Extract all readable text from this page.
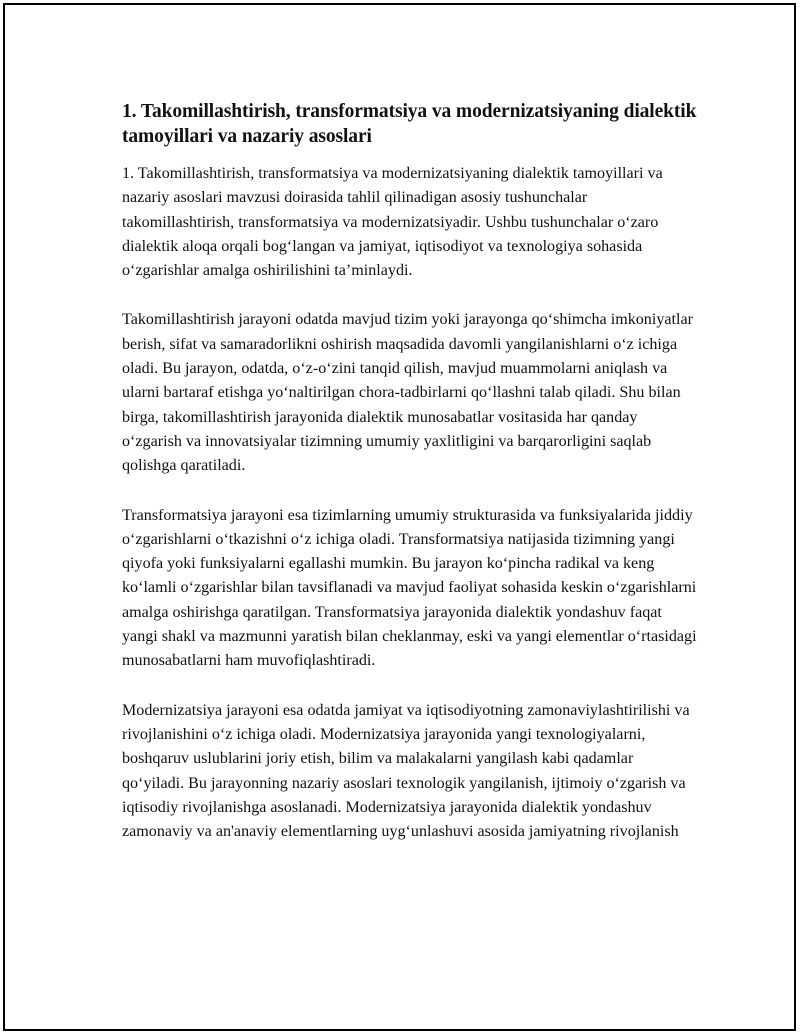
1. Takomillashtirish, transformatsiya va modernizatsiyaning dialektik tamoyillari va nazariy asoslari

1. Takomillashtirish, transformatsiya va modernizatsiyaning dialektik tamoyillari va nazariy asoslari mavzusi doirasida tahlil qilinadigan asosiy tushunchalar takomillashtirish, transformatsiya va modernizatsiyadir. Ushbu tushunchalar o‘zaro dialektik aloqa orqali bog‘langan va jamiyat, iqtisodiyot va texnologiya sohasida o‘zgarishlar amalga oshirilishini ta’minlaydi.

Takomillashtirish jarayoni odatda mavjud tizim yoki jarayonga qo‘shimcha imkoniyatlar berish, sifat va samaradorlikni oshirish maqsadida davomli yangilanishlarni o‘z ichiga oladi. Bu jarayon, odatda, o‘z-o‘zini tanqid qilish, mavjud muammolarni aniqlash va ularni bartaraf etishga yo‘naltirilgan chora-tadbirlarni qo‘llashni talab qiladi. Shu bilan birga, takomillashtirish jarayonida dialektik munosabatlar vositasida har qanday o‘zgarish va innovatsiyalar tizimning umumiy yaxlitligini va barqarorligini saqlab qolishga qaratiladi.

Transformatsiya jarayoni esa tizimlarning umumiy strukturasida va funksiyalarida jiddiy o‘zgarishlarni o‘tkazishni o‘z ichiga oladi. Transformatsiya natijasida tizimning yangi qiyofa yoki funksiyalarni egallashi mumkin. Bu jarayon ko‘pincha radikal va keng ko‘lamli o‘zgarishlar bilan tavsiflanadi va mavjud faoliyat sohasida keskin o‘zgarishlarni amalga oshirishga qaratilgan. Transformatsiya jarayonida dialektik yondashuv faqat yangi shakl va mazmunni yaratish bilan cheklanmay, eski va yangi elementlar o‘rtasidagi munosabatlarni ham muvofiqlashtiradi.

Modernizatsiya jarayoni esa odatda jamiyat va iqtisodiyotning zamonaviylashtirilishi va rivojlanishini o‘z ichiga oladi. Modernizatsiya jarayonida yangi texnologiyalarni, boshqaruv uslublarini joriy etish, bilim va malakalarni yangilash kabi qadamlar qo‘yiladi. Bu jarayonning nazariy asoslari texnologik yangilanish, ijtimoiy o‘zgarish va iqtisodiy rivojlanishga asoslanadi. Modernizatsiya jarayonida dialektik yondashuv zamonaviy va an'anaviy elementlarning uyg‘unlashuvi asosida jamiyatning rivojlanish
